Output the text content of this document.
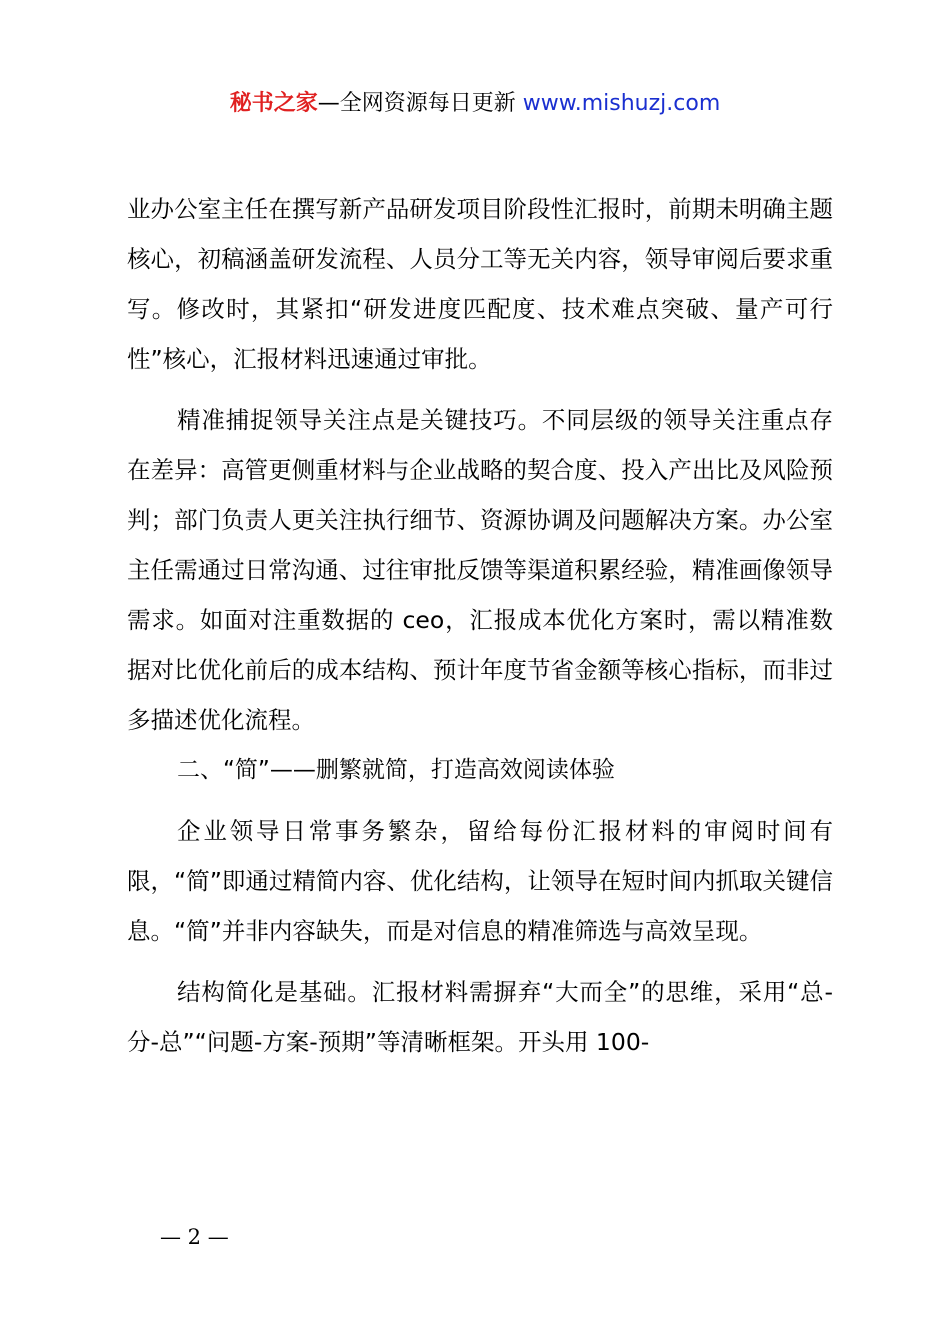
秘书之家—全网资源每日更新 www.mishuzj.com

业办公室主任在撰写新产品研发项目阶段性汇报时，前期未明确主题核心，初稿涵盖研发流程、人员分工等无关内容，领导审阅后要求重写。修改时，其紧扣“研发进度匹配度、技术难点突破、量产可行性”核心，汇报材料迅速通过审批。

精准捕捉领导关注点是关键技巧。不同层级的领导关注重点存在差异：高管更侧重材料与企业战略的契合度、投入产出比及风险预判；部门负责人更关注执行细节、资源协调及问题解决方案。办公室主任需通过日常沟通、过往审批反馈等渠道积累经验，精准画像领导需求。如面对注重数据的 ceo，汇报成本优化方案时，需以精准数据对比优化前后的成本结构、预计年度节省金额等核心指标，而非过多描述优化流程。

二、“简”——删繁就简，打造高效阅读体验

企业领导日常事务繁杂，留给每份汇报材料的审阅时间有限，“简”即通过精简内容、优化结构，让领导在短时间内抓取关键信息。“简”并非内容缺失，而是对信息的精准筛选与高效呈现。

结构简化是基础。汇报材料需摒弃“大而全”的思维，采用“总-分-总”“问题-方案-预期”等清晰框架。开头用 100-

— 2 —
